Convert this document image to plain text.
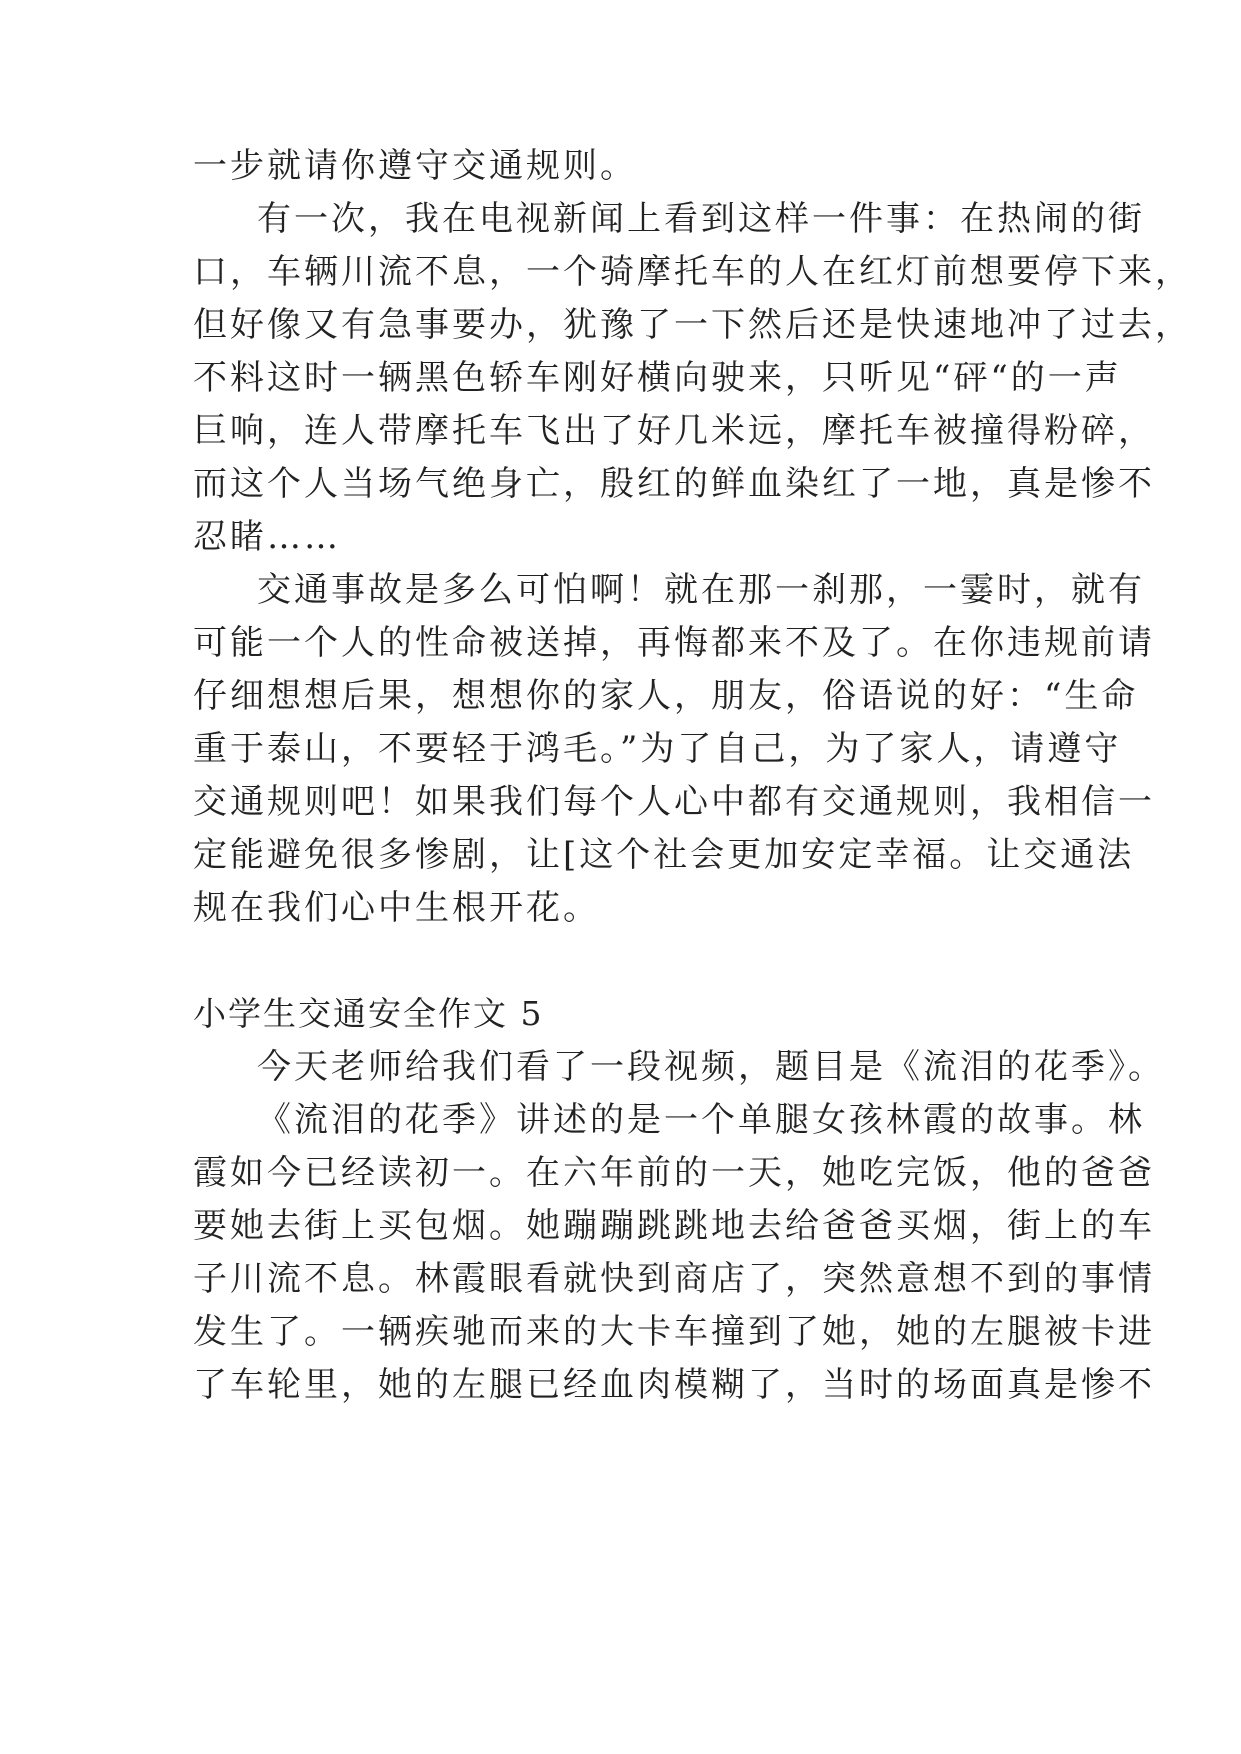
一步就请你遵守交通规则。
有一次，我在电视新闻上看到这样一件事：在热闹的街
口，车辆川流不息，一个骑摩托车的人在红灯前想要停下来，
但好像又有急事要办，犹豫了一下然后还是快速地冲了过去，
不料这时一辆黑色轿车刚好横向驶来，只听见“砰“的一声
巨响，连人带摩托车飞出了好几米远，摩托车被撞得粉碎，
而这个人当场气绝身亡，殷红的鲜血染红了一地，真是惨不
忍睹……
交通事故是多么可怕啊！就在那一刹那，一霎时，就有
可能一个人的性命被送掉，再悔都来不及了。在你违规前请
仔细想想后果，想想你的家人，朋友，俗语说的好：“生命
重于泰山，不要轻于鸿毛。”为了自己，为了家人，请遵守
交通规则吧！如果我们每个人心中都有交通规则，我相信一
定能避免很多惨剧，让[这个社会更加安定幸福。让交通法
规在我们心中生根开花。
小学生交通安全作文 5
今天老师给我们看了一段视频，题目是《流泪的花季》。
《流泪的花季》讲述的是一个单腿女孩林霞的故事。林
霞如今已经读初一。在六年前的一天，她吃完饭，他的爸爸
要她去街上买包烟。她蹦蹦跳跳地去给爸爸买烟，街上的车
子川流不息。林霞眼看就快到商店了，突然意想不到的事情
发生了。一辆疾驰而来的大卡车撞到了她，她的左腿被卡进
了车轮里，她的左腿已经血肉模糊了，当时的场面真是惨不
